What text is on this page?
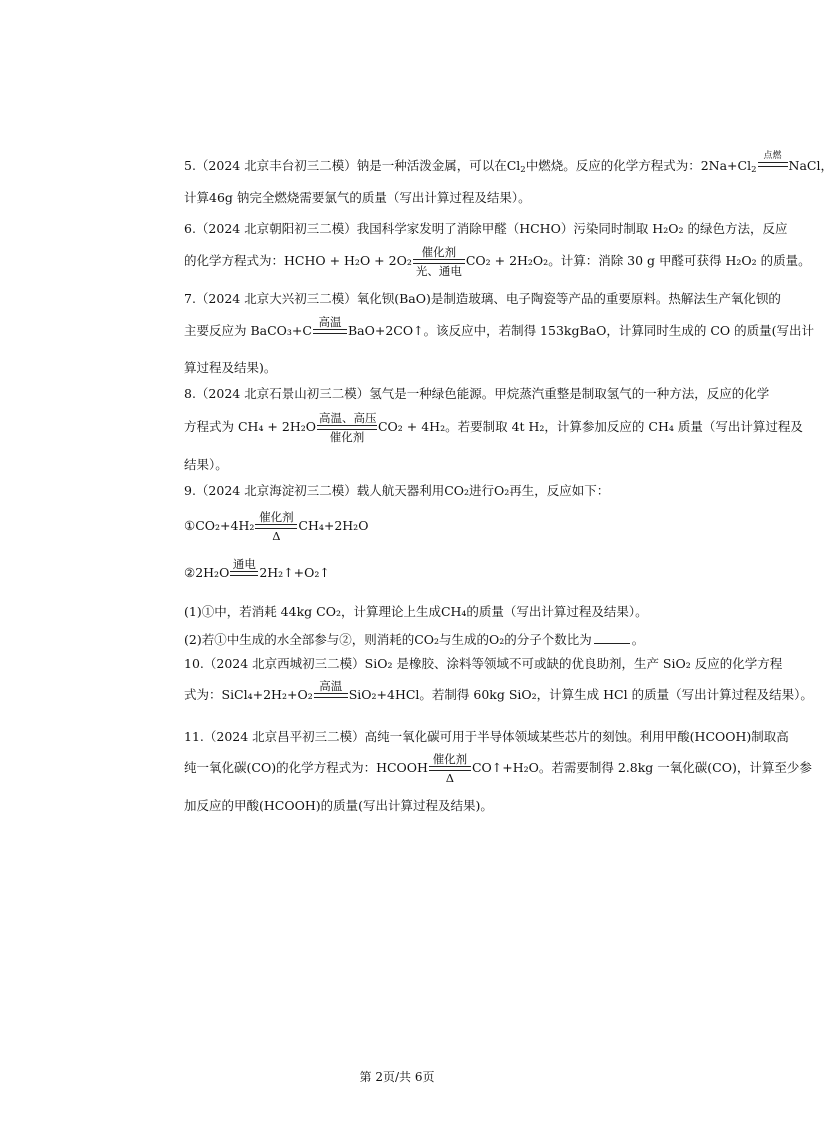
5.（2024 北京丰台初三二模）钠是一种活泼金属，可以在$Cl_2$中燃烧。反应的化学方程式为：$2Na+Cl_2$
点燃
NaCl，
计算46g 钠完全燃烧需要氯气的质量（写出计算过程及结果）。
6.（2024 北京朝阳初三二模）我国科学家发明了消除甲醛（HCHO）污染同时制取 H₂O₂ 的绿色方法，反应
的化学方程式为：HCHO + H₂O + 2O₂
催化剂
光、通电
CO₂ + 2H₂O₂。计算：消除 30 g 甲醛可获得 H₂O₂ 的质量。
7.（2024 北京大兴初三二模）氧化钡(BaO)是制造玻璃、电子陶瓷等产品的重要原料。热解法生产氧化钡的
主要反应为 BaCO₃+C
高温
BaO+2CO↑。该反应中，若制得 153kgBaO，计算同时生成的 CO 的质量(写出计
算过程及结果)。
8.（2024 北京石景山初三二模）氢气是一种绿色能源。甲烷蒸汽重整是制取氢气的一种方法，反应的化学
方程式为 CH₄ + 2H₂O
高温、高压
催化剂
CO₂ + 4H₂。若要制取 4t H₂，计算参加反应的 CH₄ 质量（写出计算过程及
结果）。
9.（2024 北京海淀初三二模）载人航天器利用CO₂进行O₂再生，反应如下：
①CO₂+4H₂
催化剂
Δ
CH₄+2H₂O
②2H₂O
通电
2H₂↑+O₂↑
(1)①中，若消耗 44kg CO₂，计算理论上生成CH₄的质量（写出计算过程及结果）。
(2)若①中生成的水全部参与②，则消耗的CO₂与生成的O₂的分子个数比为	。
10.（2024 北京西城初三二模）SiO₂ 是橡胶、涂料等领域不可或缺的优良助剂，生产 SiO₂ 反应的化学方程
式为：SiCl₄+2H₂+O₂
高温
SiO₂+4HCl。若制得 60kg SiO₂，计算生成 HCl 的质量（写出计算过程及结果）。
11.（2024 北京昌平初三二模）高纯一氧化碳可用于半导体领域某些芯片的刻蚀。利用甲酸(HCOOH)制取高
纯一氧化碳(CO)的化学方程式为：HCOOH
催化剂
Δ
CO↑+H₂O。若需要制得 2.8kg 一氧化碳(CO)，计算至少参
加反应的甲酸(HCOOH)的质量(写出计算过程及结果)。
第 2页/共 6页
